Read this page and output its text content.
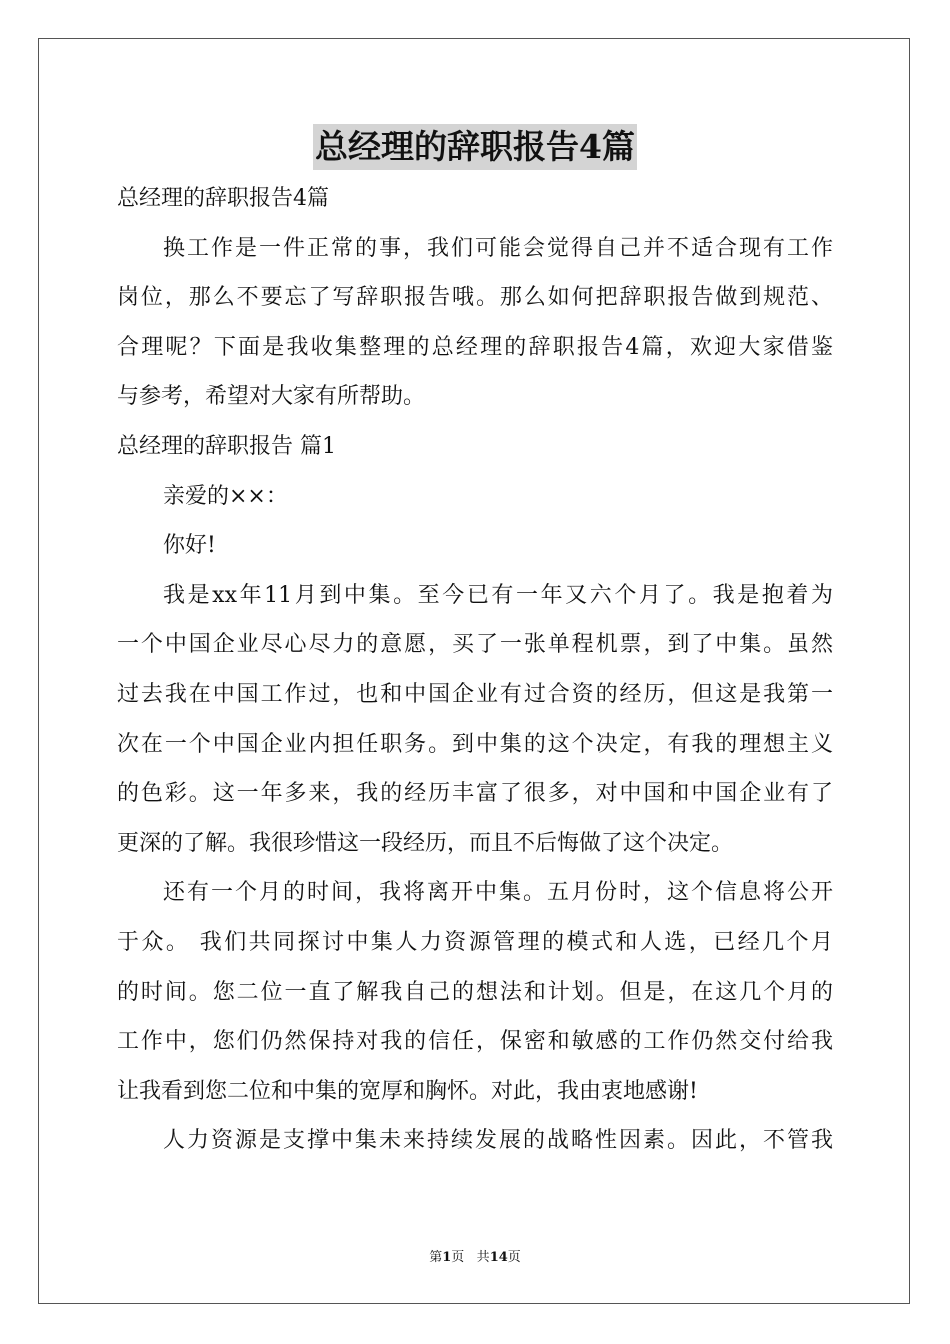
总经理的辞职报告4篇
总经理的辞职报告4篇
换工作是一件正常的事，我们可能会觉得自己并不适合现有工作
岗位，那么不要忘了写辞职报告哦。那么如何把辞职报告做到规范、
合理呢？下面是我收集整理的总经理的辞职报告4篇，欢迎大家借鉴
与参考，希望对大家有所帮助。
总经理的辞职报告 篇1
亲爱的××：
你好!
我是xx年11月到中集。至今已有一年又六个月了。我是抱着为
一个中国企业尽心尽力的意愿，买了一张单程机票，到了中集。虽然
过去我在中国工作过，也和中国企业有过合资的经历，但这是我第一
次在一个中国企业内担任职务。到中集的这个决定，有我的理想主义
的色彩。这一年多来，我的经历丰富了很多，对中国和中国企业有了
更深的了解。我很珍惜这一段经历，而且不后悔做了这个决定。
还有一个月的时间，我将离开中集。五月份时，这个信息将公开
于众。 我们共同探讨中集人力资源管理的模式和人选，已经几个月
的时间。您二位一直了解我自己的想法和计划。但是，在这几个月的
工作中，您们仍然保持对我的信任，保密和敏感的工作仍然交付给我
让我看到您二位和中集的宽厚和胸怀。对此，我由衷地感谢!
人力资源是支撑中集未来持续发展的战略性因素。因此，不管我
第1页 共14页
